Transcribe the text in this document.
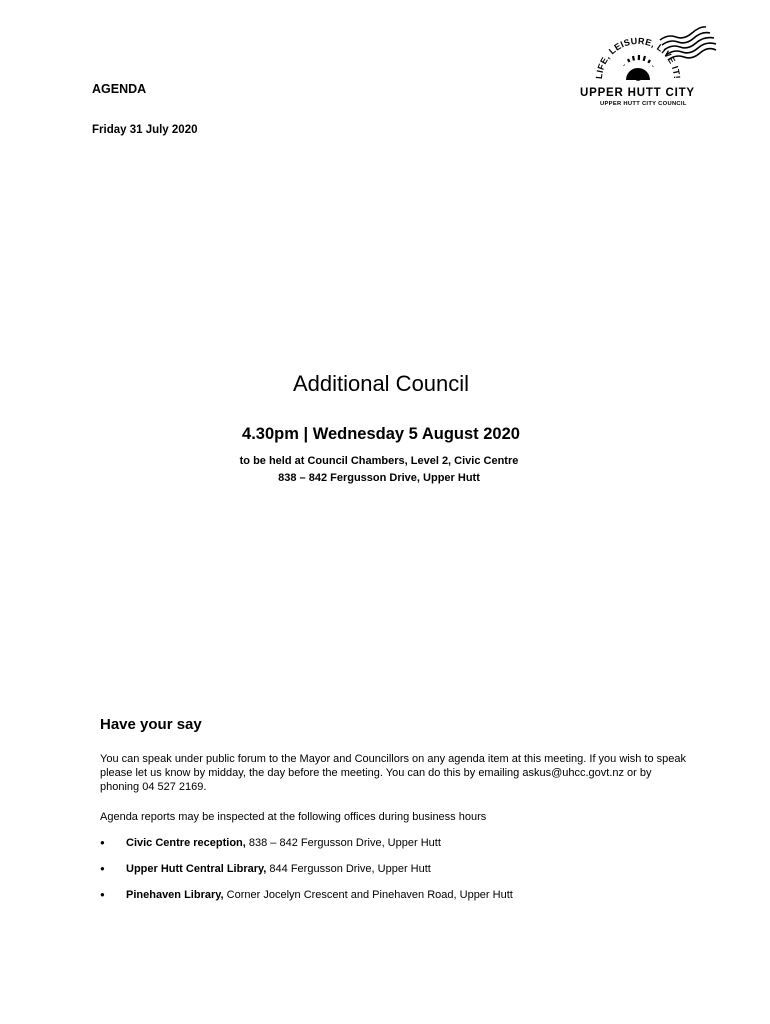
AGENDA
Friday 31 July 2020
LIFE, LEISURE, LIVE IT!
UPPER HUTT CITY
UPPER HUTT CITY COUNCIL
Additional Council
4.30pm | Wednesday 5 August 2020
to be held at Council Chambers, Level 2, Civic Centre
838 – 842 Fergusson Drive, Upper Hutt
Have your say
You can speak under public forum to the Mayor and Councillors on any agenda item at this meeting. If you wish to speak please let us know by midday, the day before the meeting. You can do this by emailing askus@uhcc.govt.nz or by phoning 04 527 2169.
Agenda reports may be inspected at the following offices during business hours
● Civic Centre reception, 838 – 842 Fergusson Drive, Upper Hutt
● Upper Hutt Central Library, 844 Fergusson Drive, Upper Hutt
● Pinehaven Library, Corner Jocelyn Crescent and Pinehaven Road, Upper Hutt
